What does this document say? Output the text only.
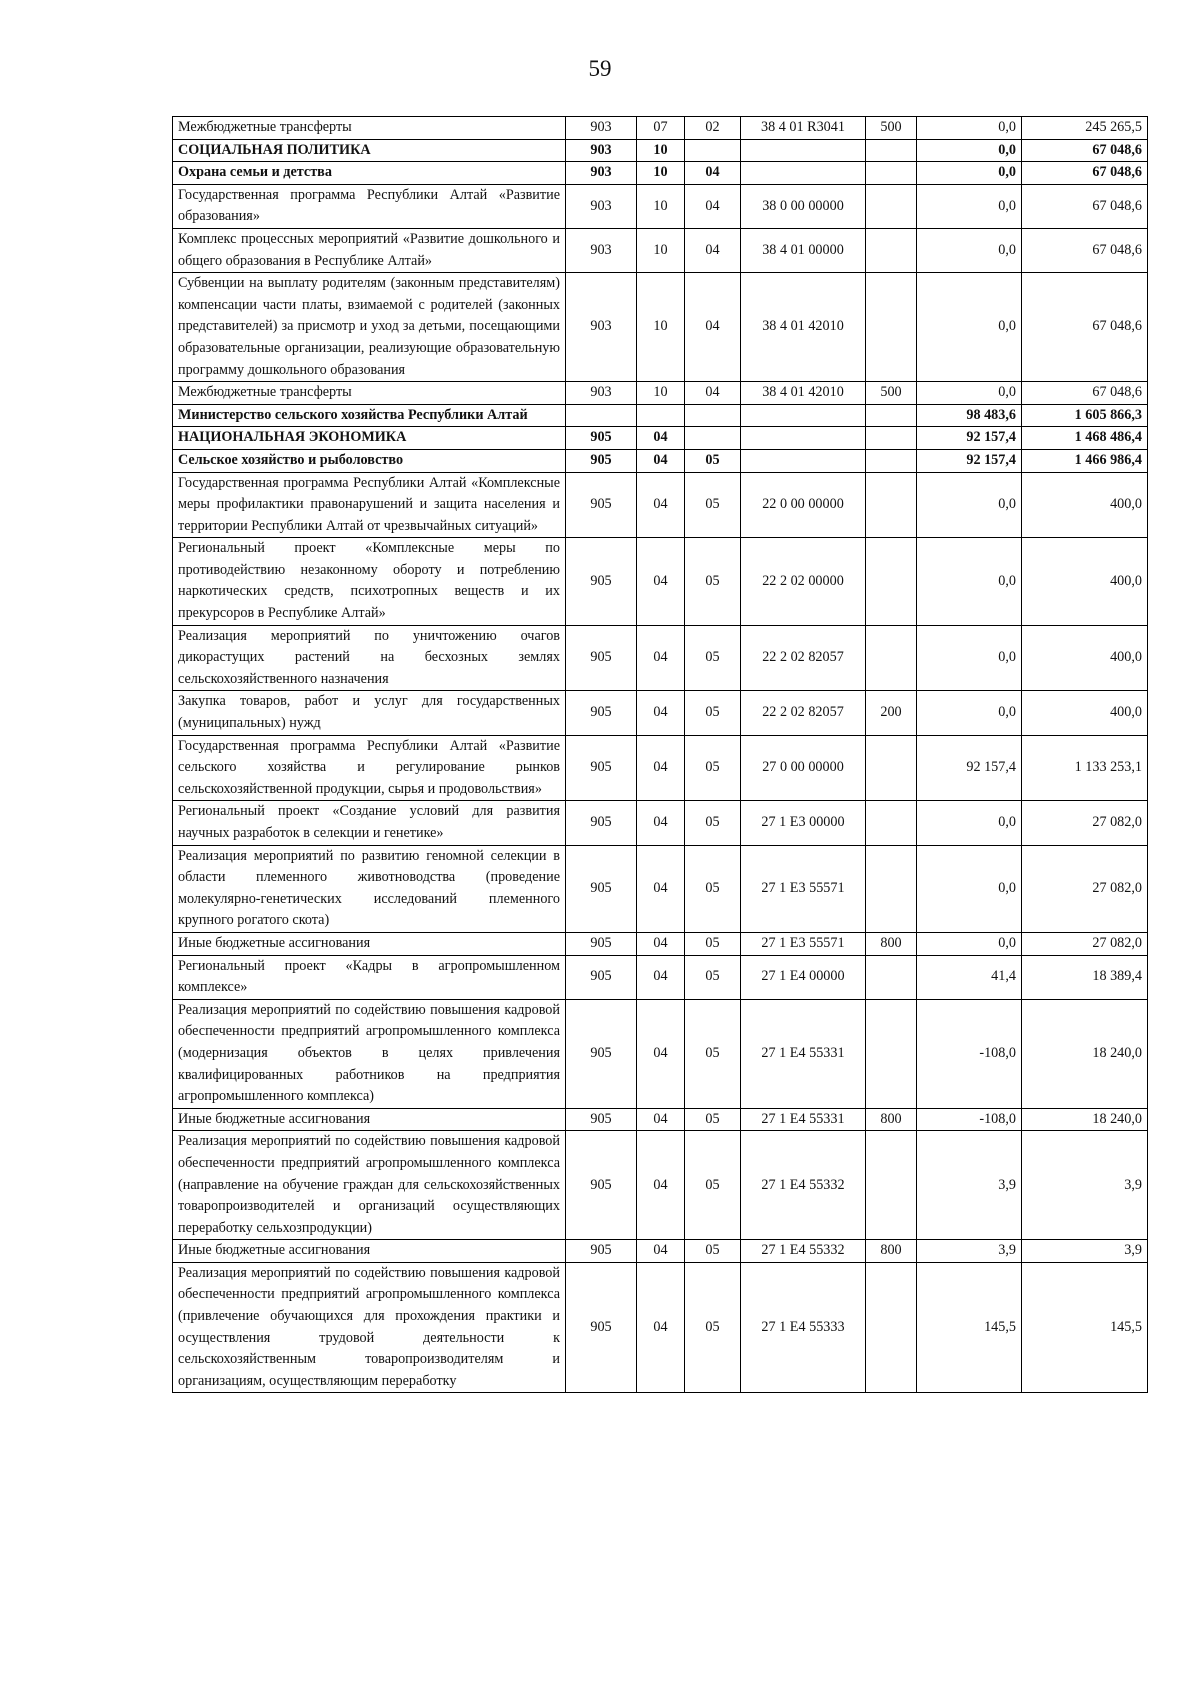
59
Межбюджетные трансферты	903	07	02	38 4 01 R3041	500	0,0	245 265,5
СОЦИАЛЬНАЯ ПОЛИТИКА	903	10				0,0	67 048,6
Охрана семьи и детства	903	10	04			0,0	67 048,6
Государственная программа Республики Алтай «Развитие образования»	903	10	04	38 0 00 00000		0,0	67 048,6
Комплекс процессных мероприятий «Развитие дошкольного и общего образования в Республике Алтай»	903	10	04	38 4 01 00000		0,0	67 048,6
Субвенции на выплату родителям (законным представителям) компенсации части платы, взимаемой с родителей (законных представителей) за присмотр и уход за детьми, посещающими образовательные организации, реализующие образовательную программу дошкольного образования	903	10	04	38 4 01 42010		0,0	67 048,6
Межбюджетные трансферты	903	10	04	38 4 01 42010	500	0,0	67 048,6
Министерство сельского хозяйства Республики Алтай						98 483,6	1 605 866,3
НАЦИОНАЛЬНАЯ ЭКОНОМИКА	905	04				92 157,4	1 468 486,4
Сельское хозяйство и рыболовство	905	04	05			92 157,4	1 466 986,4
Государственная программа Республики Алтай «Комплексные меры профилактики правонарушений и защита населения и территории Республики Алтай от чрезвычайных ситуаций»	905	04	05	22 0 00 00000		0,0	400,0
Региональный проект «Комплексные меры по противодействию незаконному обороту и потреблению наркотических средств, психотропных веществ и их прекурсоров в Республике Алтай»	905	04	05	22 2 02 00000		0,0	400,0
Реализация мероприятий по уничтожению очагов дикорастущих растений на бесхозных землях сельскохозяйственного назначения	905	04	05	22 2 02 82057		0,0	400,0
Закупка товаров, работ и услуг для государственных (муниципальных) нужд	905	04	05	22 2 02 82057	200	0,0	400,0
Государственная программа Республики Алтай «Развитие сельского хозяйства и регулирование рынков сельскохозяйственной продукции, сырья и продовольствия»	905	04	05	27 0 00 00000		92 157,4	1 133 253,1
Региональный проект «Создание условий для развития научных разработок в селекции и генетике»	905	04	05	27 1 Е3 00000		0,0	27 082,0
Реализация мероприятий по развитию геномной селекции в области племенного животноводства (проведение молекулярно-генетических исследований племенного крупного рогатого скота)	905	04	05	27 1 Е3 55571		0,0	27 082,0
Иные бюджетные ассигнования	905	04	05	27 1 Е3 55571	800	0,0	27 082,0
Региональный проект «Кадры в агропромышленном комплексе»	905	04	05	27 1 Е4 00000		41,4	18 389,4
Реализация мероприятий по содействию повышения кадровой обеспеченности предприятий агропромышленного комплекса (модернизация объектов в целях привлечения квалифицированных работников на предприятия агропромышленного комплекса)	905	04	05	27 1 Е4 55331		-108,0	18 240,0
Иные бюджетные ассигнования	905	04	05	27 1 Е4 55331	800	-108,0	18 240,0
Реализация мероприятий по содействию повышения кадровой обеспеченности предприятий агропромышленного комплекса (направление на обучение граждан для сельскохозяйственных товаропроизводителей и организаций осуществляющих переработку сельхозпродукции)	905	04	05	27 1 Е4 55332		3,9	3,9
Иные бюджетные ассигнования	905	04	05	27 1 Е4 55332	800	3,9	3,9
Реализация мероприятий по содействию повышения кадровой обеспеченности предприятий агропромышленного комплекса (привлечение обучающихся для прохождения практики и осуществления трудовой деятельности к сельскохозяйственным товаропроизводителям и организациям, осуществляющим переработку	905	04	05	27 1 Е4 55333		145,5	145,5
